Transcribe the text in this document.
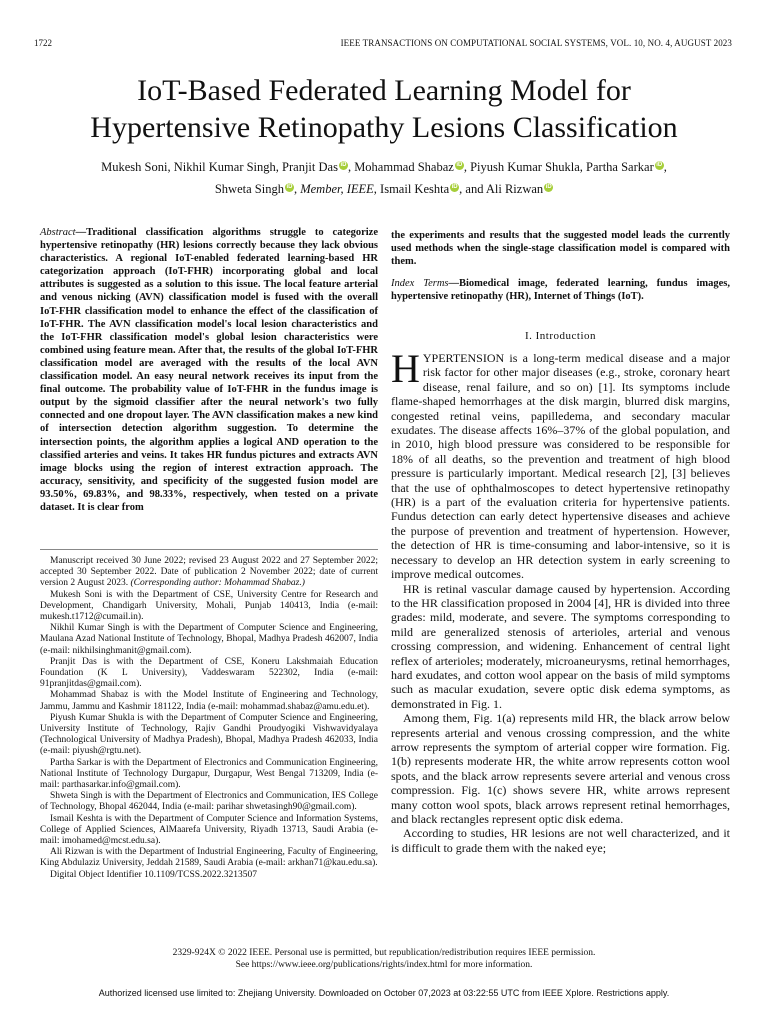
1722	IEEE TRANSACTIONS ON COMPUTATIONAL SOCIAL SYSTEMS, VOL. 10, NO. 4, AUGUST 2023
IoT-Based Federated Learning Model for
Hypertensive Retinopathy Lesions Classification
Mukesh Soni, Nikhil Kumar Singh, Pranjit Das iD , Mohammad Shabaz iD , Piyush Kumar Shukla, Partha Sarkar iD ,
Shweta Singh iD , Member, IEEE, Ismail Keshta iD , and Ali Rizwan iD
Abstract—Traditional classification algorithms struggle to categorize hypertensive retinopathy (HR) lesions correctly because they lack obvious characteristics. A regional IoT-enabled federated learning-based HR categorization approach (IoT-FHR) incorporating global and local attributes is suggested as a solution to this issue. The local feature arterial and venous nicking (AVN) classification model is fused with the overall IoT-FHR classification model to enhance the effect of the classification of IoT-FHR. The AVN classification model's local lesion characteristics and the IoT-FHR classification model's global lesion characteristics were combined using feature mean. After that, the results of the global IoT-FHR classification model are averaged with the results of the local AVN classification model. An easy neural network receives its input from the final outcome. The probability value of IoT-FHR in the fundus image is output by the sigmoid classifier after the neural network's two fully connected and one dropout layer. The AVN classification makes a new kind of intersection detection algorithm suggestion. To determine the intersection points, the algorithm applies a logical AND operation to the classified arteries and veins. It takes HR fundus pictures and extracts AVN image blocks using the region of interest extraction approach. The accuracy, sensitivity, and specificity of the suggested fusion model are 93.50%, 69.83%, and 98.33%, respectively, when tested on a private dataset. It is clear from
the experiments and results that the suggested model leads the currently used methods when the single-stage classification model is compared with them.
Index Terms—Biomedical image, federated learning, fundus images, hypertensive retinopathy (HR), Internet of Things (IoT).

Manuscript received 30 June 2022; revised 23 August 2022 and 27 September 2022; accepted 30 September 2022. Date of publication 2 November 2022; date of current version 2 August 2023. (Corresponding author: Mohammad Shabaz.)

Mukesh Soni is with the Department of CSE, University Centre for Research and Development, Chandigarh University, Mohali, Punjab 140413, India (e-mail: mukesh.t1712@cumail.in).

Nikhil Kumar Singh is with the Department of Computer Science and Engineering, Maulana Azad National Institute of Technology, Bhopal, Madhya Pradesh 462007, India (e-mail: nikhilsinghmanit@gmail.com).

Pranjit Das is with the Department of CSE, Koneru Lakshmaiah Education Foundation (K L University), Vaddeswaram 522302, India (e-mail: 91pranjitdas@gmail.com).

Mohammad Shabaz is with the Model Institute of Engineering and Technology, Jammu, Jammu and Kashmir 181122, India (e-mail: mohammad.shabaz@amu.edu.et).

Piyush Kumar Shukla is with the Department of Computer Science and Engineering, University Institute of Technology, Rajiv Gandhi Proudyogiki Vishwavidyalaya (Technological University of Madhya Pradesh), Bhopal, Madhya Pradesh 462033, India (e-mail: piyush@rgtu.net).

Partha Sarkar is with the Department of Electronics and Communication Engineering, National Institute of Technology Durgapur, Durgapur, West Bengal 713209, India (e-mail: parthasarkar.info@gmail.com).

Shweta Singh is with the Department of Electronics and Communication, IES College of Technology, Bhopal 462044, India (e-mail: parihar shwetasingh90@gmail.com).

Ismail Keshta is with the Department of Computer Science and Information Systems, College of Applied Sciences, AlMaarefa University, Riyadh 13713, Saudi Arabia (e-mail: imohamed@mcst.edu.sa).

Ali Rizwan is with the Department of Industrial Engineering, Faculty of Engineering, King Abdulaziz University, Jeddah 21589, Saudi Arabia (e-mail: arkhan71@kau.edu.sa).

Digital Object Identifier 10.1109/TCSS.2022.3213507

I. Introduction

HYPERTENSION is a long-term medical disease and a major risk factor for other major diseases (e.g., stroke, coronary heart disease, renal failure, and so on) [1]. Its symptoms include flame-shaped hemorrhages at the disk margin, blurred disk margins, congested retinal veins, papilledema, and secondary macular exudates. The disease affects 16%–37% of the global population, and in 2010, high blood pressure was considered to be responsible for 18% of all deaths, so the prevention and treatment of high blood pressure is particularly important. Medical research [2], [3] believes that the use of ophthalmoscopes to detect hypertensive retinopathy (HR) is a part of the evaluation criteria for hypertensive patients. Fundus detection can early detect hypertensive diseases and achieve the purpose of prevention and treatment of hypertension. However, the detection of HR is time-consuming and labor-intensive, so it is necessary to develop an HR detection system in early screening to improve medical outcomes.

HR is retinal vascular damage caused by hypertension. According to the HR classification proposed in 2004 [4], HR is divided into three grades: mild, moderate, and severe. The symptoms corresponding to mild are generalized stenosis of arterioles, arterial and venous crossing compression, and widening. Enhancement of central light reflex of arterioles; moderately, microaneurysms, retinal hemorrhages, hard exudates, and cotton wool appear on the basis of mild symptoms such as macular exudation, severe optic disk edema symptoms, as demonstrated in Fig. 1.

Among them, Fig. 1(a) represents mild HR, the black arrow below represents arterial and venous crossing compression, and the white arrow represents the symptom of arterial copper wire formation. Fig. 1(b) represents moderate HR, the white arrow represents cotton wool spots, and the black arrow represents severe arterial and venous cross compression. Fig. 1(c) shows severe HR, white arrows represent many cotton wool spots, black arrows represent retinal hemorrhages, and black rectangles represent optic disk edema.

According to studies, HR lesions are not well characterized, and it is difficult to grade them with the naked eye;

2329-924X © 2022 IEEE. Personal use is permitted, but republication/redistribution requires IEEE permission.
See https://www.ieee.org/publications/rights/index.html for more information.
Authorized licensed use limited to: Zhejiang University. Downloaded on October 07,2023 at 03:22:55 UTC from IEEE Xplore. Restrictions apply.
